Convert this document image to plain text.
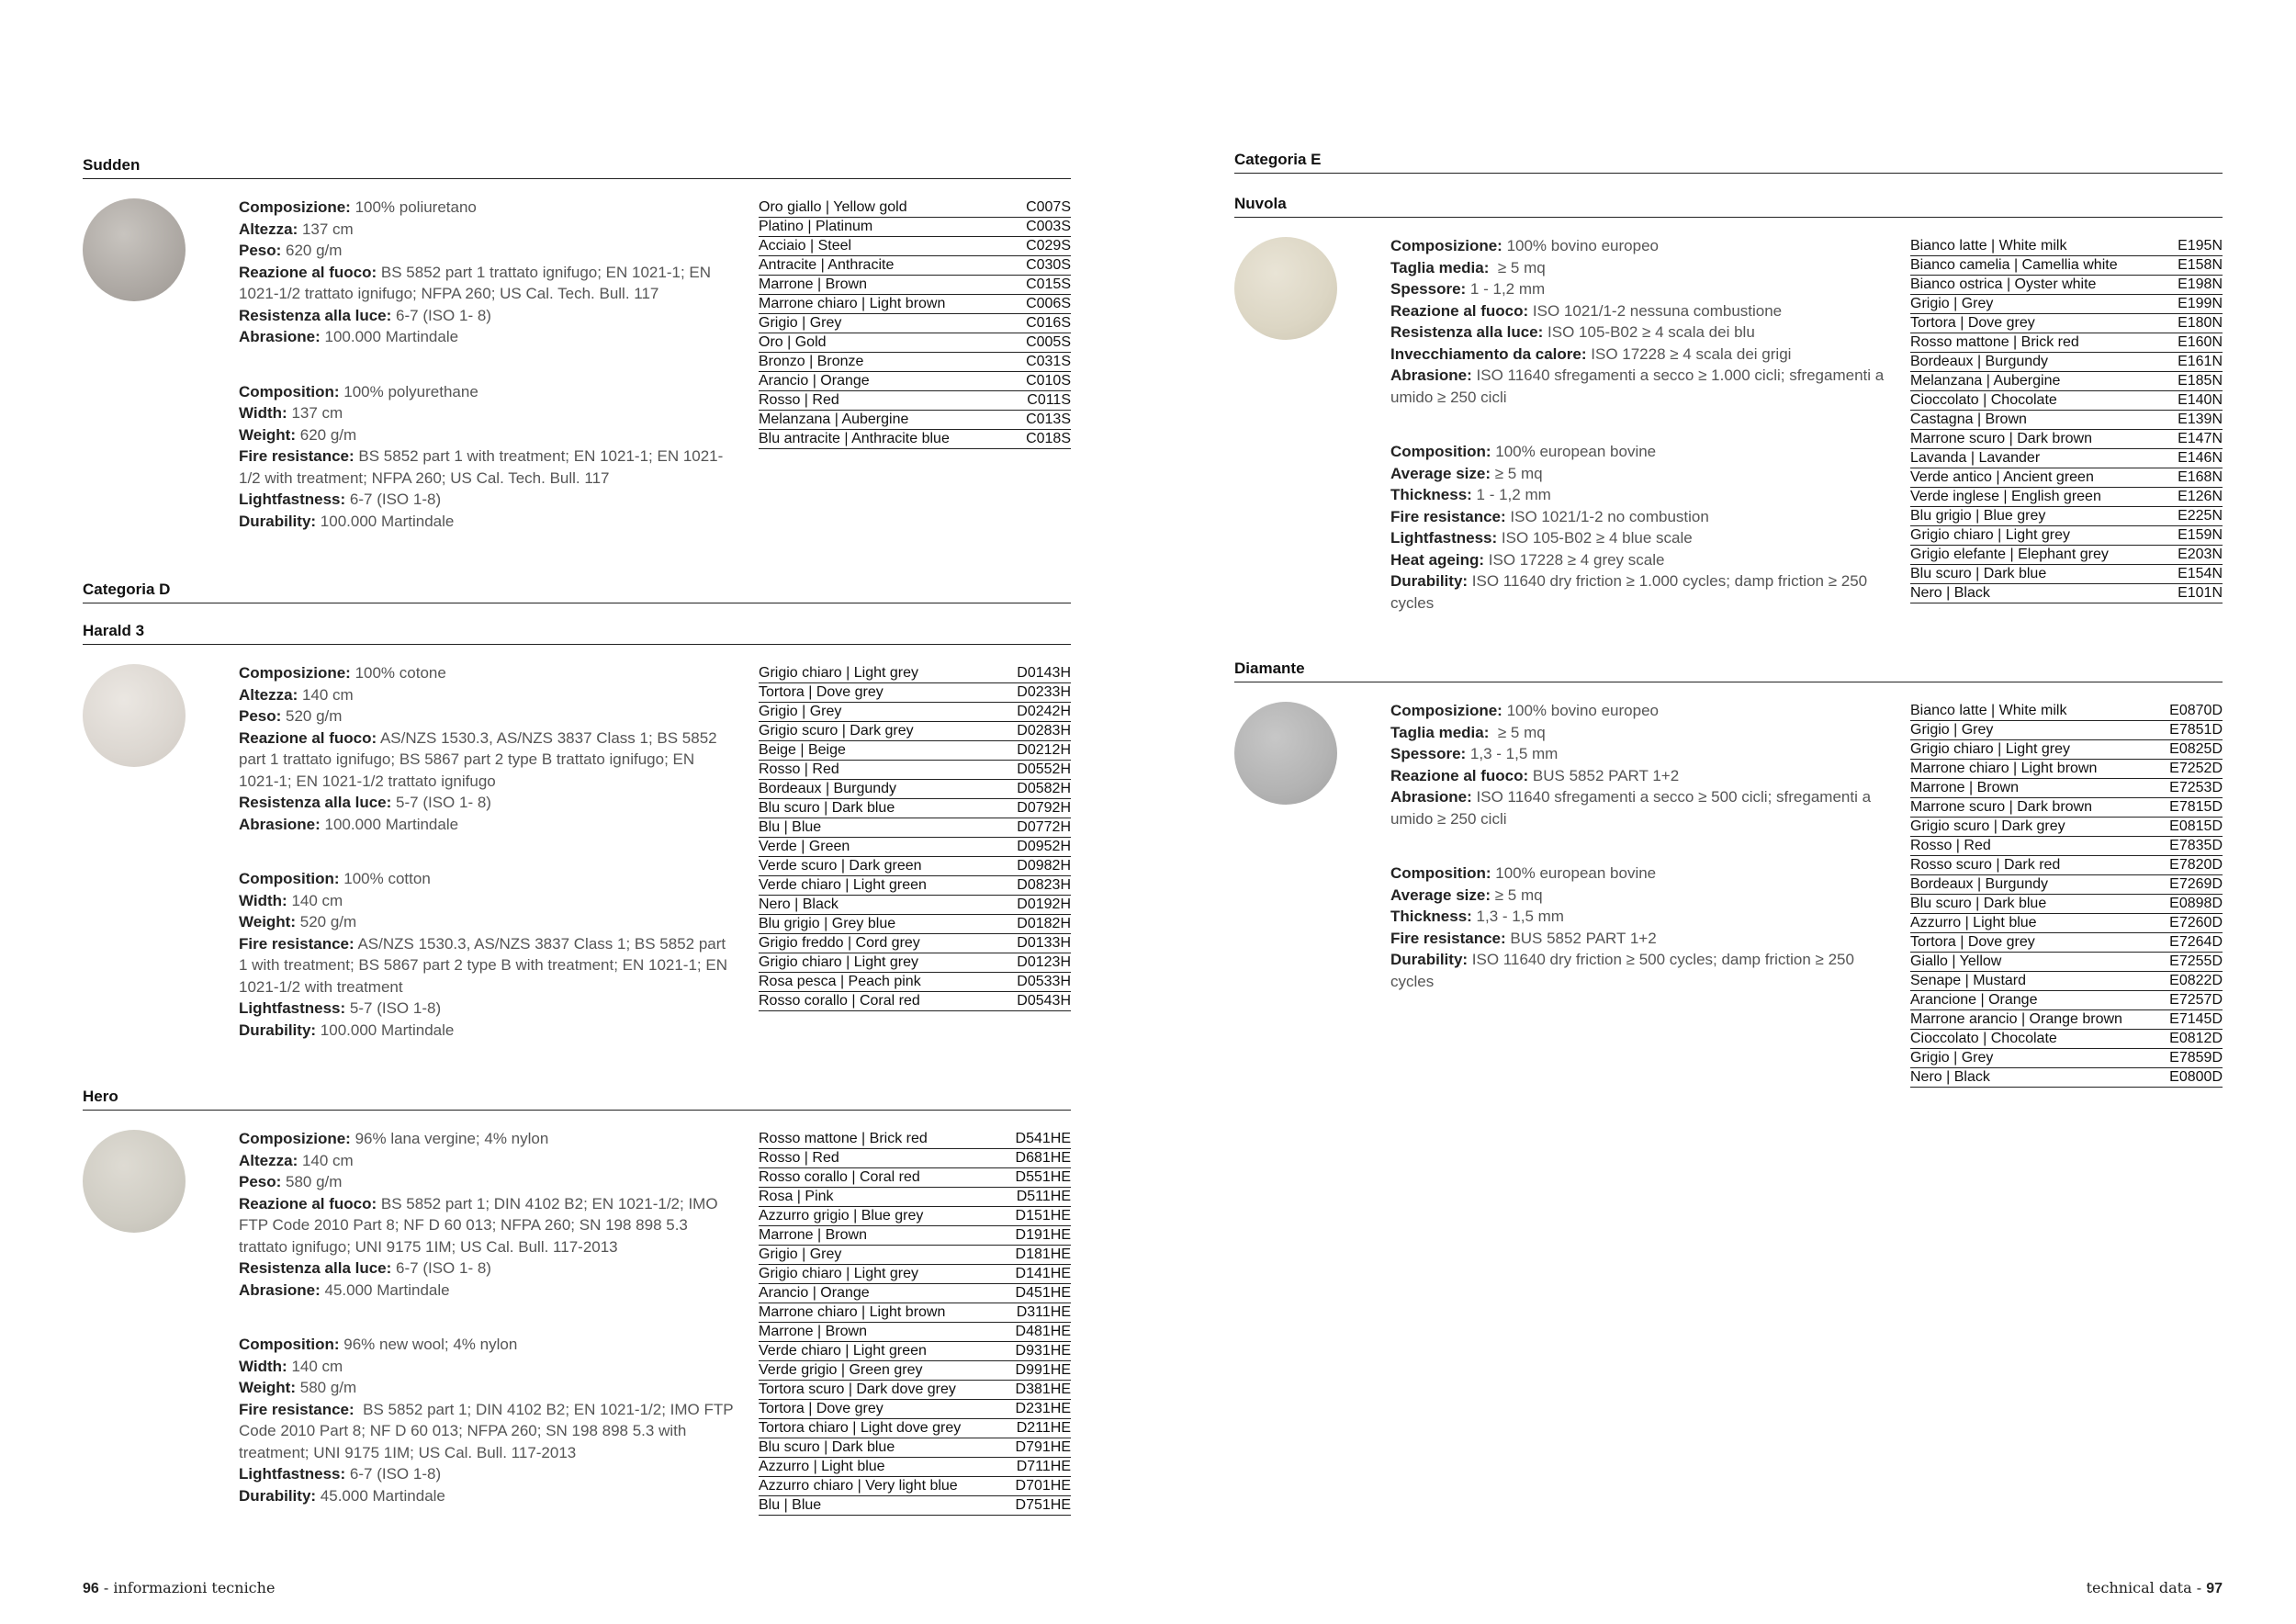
Sudden
Composizione: 100% poliuretano
Altezza: 137 cm
Peso: 620 g/m
Reazione al fuoco: BS 5852 part 1 trattato ignifugo; EN 1021-1; EN 1021-1/2 trattato ignifugo; NFPA 260; US Cal. Tech. Bull. 117
Resistenza alla luce: 6-7 (ISO 1- 8)
Abrasione: 100.000 Martindale
Composition: 100% polyurethane
Width: 137 cm
Weight: 620 g/m
Fire resistance: BS 5852 part 1 with treatment; EN 1021-1; EN 1021-1/2 with treatment; NFPA 260; US Cal. Tech. Bull. 117
Lightfastness: 6-7 (ISO 1-8)
Durability: 100.000 Martindale
Oro giallo | Yellow gold	C007S
Platino | Platinum	C003S
Acciaio | Steel	C029S
Antracite | Anthracite	C030S
Marrone | Brown	C015S
Marrone chiaro | Light brown	C006S
Grigio | Grey	C016S
Oro | Gold	C005S
Bronzo | Bronze	C031S
Arancio | Orange	C010S
Rosso | Red	C011S
Melanzana | Aubergine	C013S
Blu antracite | Anthracite blue	C018S
Categoria D
Harald 3
Composizione: 100% cotone
Altezza: 140 cm
Peso: 520 g/m
Reazione al fuoco: AS/NZS 1530.3, AS/NZS 3837 Class 1; BS 5852 part 1 trattato ignifugo; BS 5867 part 2 type B trattato ignifugo; EN 1021-1; EN 1021-1/2 trattato ignifugo
Resistenza alla luce: 5-7 (ISO 1- 8)
Abrasione: 100.000 Martindale
Composition: 100% cotton
Width: 140 cm
Weight: 520 g/m
Fire resistance: AS/NZS 1530.3, AS/NZS 3837 Class 1; BS 5852 part 1 with treatment; BS 5867 part 2 type B with treatment; EN 1021-1; EN 1021-1/2 with treatment
Lightfastness: 5-7 (ISO 1-8)
Durability: 100.000 Martindale
Grigio chiaro | Light grey	D0143H
Tortora | Dove grey	D0233H
Grigio | Grey	D0242H
Grigio scuro | Dark grey	D0283H
Beige | Beige	D0212H
Rosso | Red	D0552H
Bordeaux | Burgundy	D0582H
Blu scuro | Dark blue	D0792H
Blu | Blue	D0772H
Verde | Green	D0952H
Verde scuro | Dark green	D0982H
Verde chiaro | Light green	D0823H
Nero | Black	D0192H
Blu grigio | Grey blue	D0182H
Grigio freddo | Cord grey	D0133H
Grigio chiaro | Light grey	D0123H
Rosa pesca | Peach pink	D0533H
Rosso corallo | Coral red	D0543H
Hero
Composizione: 96% lana vergine; 4% nylon
Altezza: 140 cm
Peso: 580 g/m
Reazione al fuoco: BS 5852 part 1; DIN 4102 B2; EN 1021-1/2; IMO FTP Code 2010 Part 8; NF D 60 013; NFPA 260; SN 198 898 5.3 trattato ignifugo; UNI 9175 1IM; US Cal. Bull. 117-2013
Resistenza alla luce: 6-7 (ISO 1- 8)
Abrasione: 45.000 Martindale
Composition: 96% new wool; 4% nylon
Width: 140 cm
Weight: 580 g/m
Fire resistance:  BS 5852 part 1; DIN 4102 B2; EN 1021-1/2; IMO FTP Code 2010 Part 8; NF D 60 013; NFPA 260; SN 198 898 5.3 with treatment; UNI 9175 1IM; US Cal. Bull. 117-2013
Lightfastness: 6-7 (ISO 1-8)
Durability: 45.000 Martindale
Rosso mattone | Brick red	D541HE
Rosso | Red	D681HE
Rosso corallo | Coral red	D551HE
Rosa | Pink	D511HE
Azzurro grigio | Blue grey	D151HE
Marrone | Brown	D191HE
Grigio | Grey	D181HE
Grigio chiaro | Light grey	D141HE
Arancio | Orange	D451HE
Marrone chiaro | Light brown	D311HE
Marrone | Brown	D481HE
Verde chiaro | Light green	D931HE
Verde grigio | Green grey	D991HE
Tortora scuro | Dark dove grey	D381HE
Tortora | Dove grey	D231HE
Tortora chiaro | Light dove grey	D211HE
Blu scuro | Dark blue	D791HE
Azzurro | Light blue	D711HE
Azzurro chiaro | Very light blue	D701HE
Blu | Blue	D751HE
96 - informazioni tecniche
Categoria E
Nuvola
Composizione: 100% bovino europeo
Taglia media:  ≥ 5 mq
Spessore: 1 - 1,2 mm
Reazione al fuoco: ISO 1021/1-2 nessuna combustione
Resistenza alla luce: ISO 105-B02 ≥ 4 scala dei blu
Invecchiamento da calore: ISO 17228 ≥ 4 scala dei grigi
Abrasione: ISO 11640 sfregamenti a secco ≥ 1.000 cicli; sfregamenti a umido ≥ 250 cicli
Composition: 100% european bovine
Average size: ≥ 5 mq
Thickness: 1 - 1,2 mm
Fire resistance: ISO 1021/1-2 no combustion
Lightfastness: ISO 105-B02 ≥ 4 blue scale
Heat ageing: ISO 17228 ≥ 4 grey scale
Durability: ISO 11640 dry friction ≥ 1.000 cycles; damp friction ≥ 250 cycles
Bianco latte | White milk	E195N
Bianco camelia | Camellia white	E158N
Bianco ostrica | Oyster white	E198N
Grigio | Grey	E199N
Tortora | Dove grey	E180N
Rosso mattone | Brick red	E160N
Bordeaux | Burgundy	E161N
Melanzana | Aubergine	E185N
Cioccolato | Chocolate	E140N
Castagna | Brown	E139N
Marrone scuro | Dark brown	E147N
Lavanda | Lavander	E146N
Verde antico | Ancient green	E168N
Verde inglese | English green	E126N
Blu grigio | Blue grey	E225N
Grigio chiaro | Light grey	E159N
Grigio elefante | Elephant grey	E203N
Blu scuro | Dark blue	E154N
Nero | Black	E101N
Diamante
Composizione: 100% bovino europeo
Taglia media:  ≥ 5 mq
Spessore: 1,3 - 1,5 mm
Reazione al fuoco: BUS 5852 PART 1+2
Abrasione: ISO 11640 sfregamenti a secco ≥ 500 cicli; sfregamenti a umido ≥ 250 cicli
Composition: 100% european bovine
Average size: ≥ 5 mq
Thickness: 1,3 - 1,5 mm
Fire resistance: BUS 5852 PART 1+2
Durability: ISO 11640 dry friction ≥ 500 cycles; damp friction ≥ 250 cycles
Bianco latte | White milk	E0870D
Grigio | Grey	E7851D
Grigio chiaro | Light grey	E0825D
Marrone chiaro | Light brown	E7252D
Marrone | Brown	E7253D
Marrone scuro | Dark brown	E7815D
Grigio scuro | Dark grey	E0815D
Rosso | Red	E7835D
Rosso scuro | Dark red	E7820D
Bordeaux | Burgundy	E7269D
Blu scuro | Dark blue	E0898D
Azzurro | Light blue	E7260D
Tortora | Dove grey	E7264D
Giallo | Yellow	E7255D
Senape | Mustard	E0822D
Arancione | Orange	E7257D
Marrone arancio | Orange brown	E7145D
Cioccolato | Chocolate	E0812D
Grigio | Grey	E7859D
Nero | Black	E0800D
technical data - 97
